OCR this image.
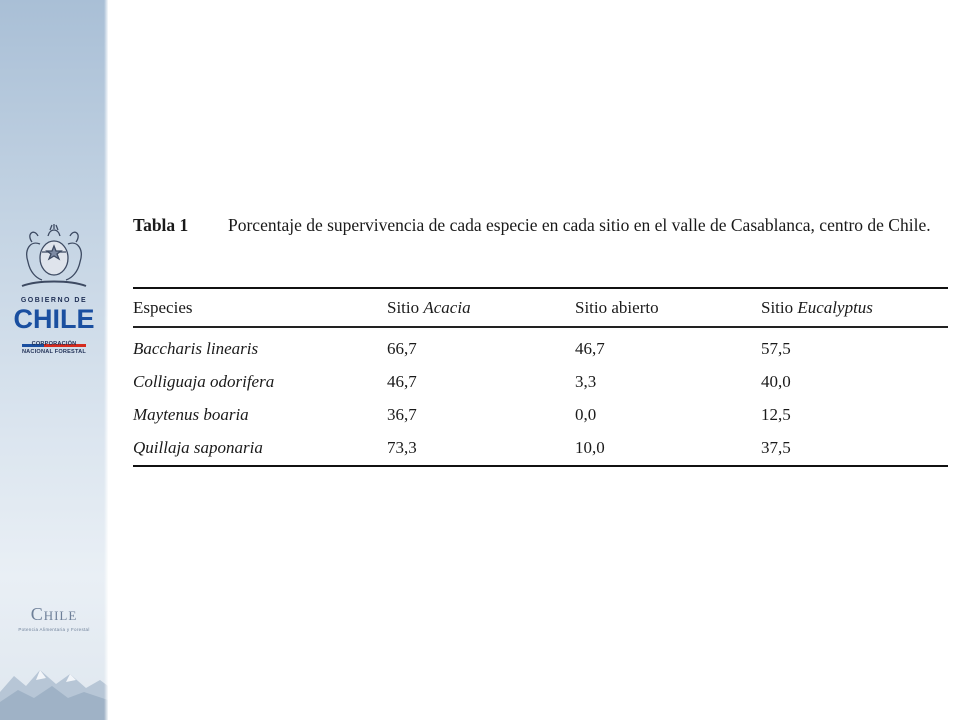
GOBIERNO DE
CHILE
CORPORACIÓN
NACIONAL FORESTAL
Chile
Potencia Alimentaria y Forestal
Tabla 1 Porcentaje de supervivencia de cada especie en cada sitio en el valle de Casablanca, centro de Chile.
Especies	Sitio Acacia	Sitio abierto	Sitio Eucalyptus
Baccharis linearis	66,7	46,7	57,5
Colliguaja odorifera	46,7	3,3	40,0
Maytenus boaria	36,7	0,0	12,5
Quillaja saponaria	73,3	10,0	37,5
